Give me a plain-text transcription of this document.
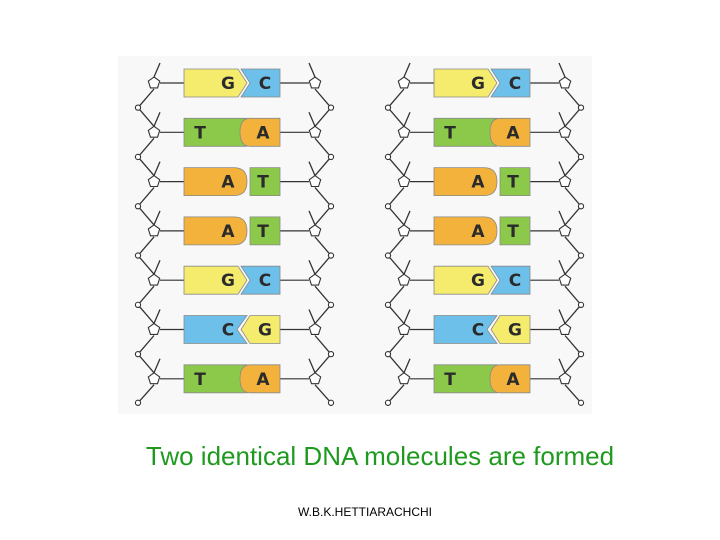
G C
T	A
A T
A T
G C
C G
T	A
G C
T	A
A T
A T
G C
C G
T	A
Two identical DNA molecules are formed
W.B.K.HETTIARACHCHI
